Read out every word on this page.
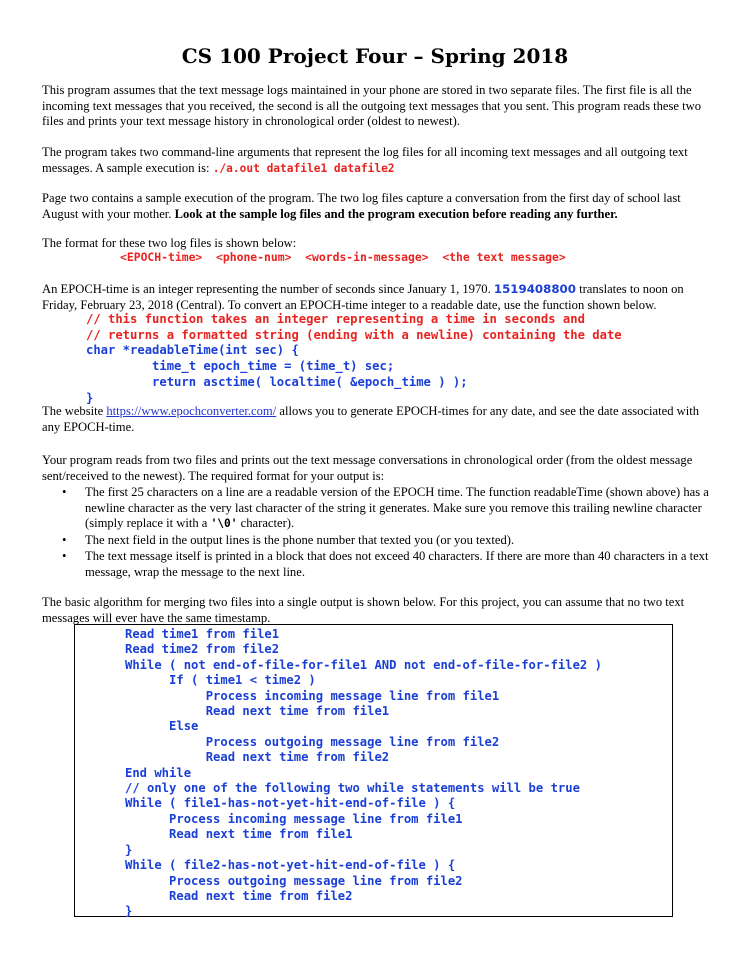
CS 100 Project Four – Spring 2018

This program assumes that the text message logs maintained in your phone are stored in two separate files. The first file is all the incoming text messages that you received, the second is all the outgoing text messages that you sent. This program reads these two files and prints your text message history in chronological order (oldest to newest).

The program takes two command-line arguments that represent the log files for all incoming text messages and all outgoing text messages. A sample execution is: ./a.out datafile1 datafile2

Page two contains a sample execution of the program. The two log files capture a conversation from the first day of school last August with your mother. Look at the sample log files and the program execution before reading any further.

The format for these two log files is shown below:

<EPOCH-time>  <phone-num>  <words-in-message>  <the text message>

An EPOCH-time is an integer representing the number of seconds since January 1, 1970. 1519408800 translates to noon on Friday, February 23, 2018 (Central). To convert an EPOCH-time integer to a readable date, use the function shown below.

// this function takes an integer representing a time in seconds and
// returns a formatted string (ending with a newline) containing the date
char *readableTime(int sec) {
time_t epoch_time = (time_t) sec;
return asctime( localtime( &epoch_time ) );
}

The website https://www.epochconverter.com/ allows you to generate EPOCH-times for any date, and see the date associated with any EPOCH-time.

Your program reads from two files and prints out the text message conversations in chronological order (from the oldest message sent/received to the newest). The required format for your output is:

• The first 25 characters on a line are a readable version of the EPOCH time. The function readableTime (shown above) has a newline character as the very last character of the string it generates. Make sure you remove this trailing newline character (simply replace it with a '\0' character).
• The next field in the output lines is the phone number that texted you (or you texted).
• The text message itself is printed in a block that does not exceed 40 characters. If there are more than 40 characters in a text message, wrap the message to the next line.

The basic algorithm for merging two files into a single output is shown below. For this project, you can assume that no two text messages will ever have the same timestamp.

Read time1 from file1
Read time2 from file2
While ( not end-of-file-for-file1 AND not end-of-file-for-file2 )
If ( time1 < time2 )
Process incoming message line from file1
Read next time from file1
Else
Process outgoing message line from file2
Read next time from file2
End while
// only one of the following two while statements will be true
While ( file1-has-not-yet-hit-end-of-file ) {
Process incoming message line from file1
Read next time from file1
}
While ( file2-has-not-yet-hit-end-of-file ) {
Process outgoing message line from file2
Read next time from file2
}
